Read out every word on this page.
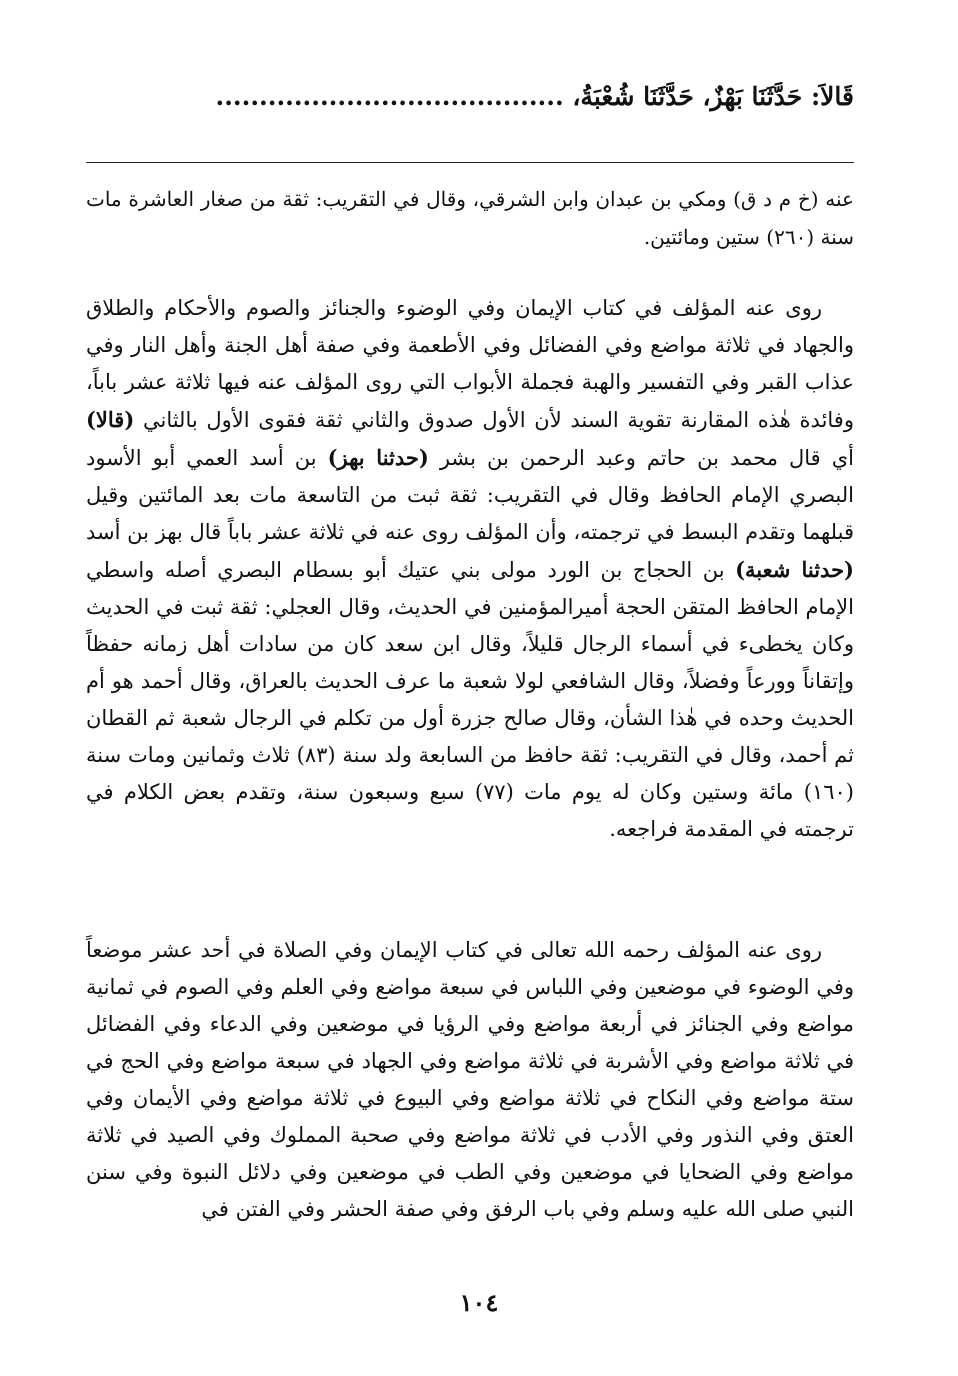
قَالاَ: حَدَّثَنَا بَهْزٌ، حَدَّثَنَا شُعْبَةُ، ........................................

عنه (خ م د ق) ومكي بن عبدان وابن الشرقي، وقال في التقريب: ثقة من صغار العاشرة مات سنة (٢٦٠) ستين ومائتين.

روى عنه المؤلف في كتاب الإيمان وفي الوضوء والجنائز والصوم والأحكام والطلاق والجهاد في ثلاثة مواضع وفي الفضائل وفي الأطعمة وفي صفة أهل الجنة وأهل النار وفي عذاب القبر وفي التفسير والهبة فجملة الأبواب التي روى المؤلف عنه فيها ثلاثة عشر باباً، وفائدة هٰذه المقارنة تقوية السند لأن الأول صدوق والثاني ثقة فقوى الأول بالثاني (قالا) أي قال محمد بن حاتم وعبد الرحمن بن بشر (حدثنا بهز) بن أسد العمي أبو الأسود البصري الإمام الحافظ وقال في التقريب: ثقة ثبت من التاسعة مات بعد المائتين وقيل قبلهما وتقدم البسط في ترجمته، وأن المؤلف روى عنه في ثلاثة عشر باباً قال بهز بن أسد (حدثنا شعبة) بن الحجاج بن الورد مولى بني عتيك أبو بسطام البصري أصله واسطي الإمام الحافظ المتقن الحجة أميرالمؤمنين في الحديث، وقال العجلي: ثقة ثبت في الحديث وكان يخطىء في أسماء الرجال قليلاً، وقال ابن سعد كان من سادات أهل زمانه حفظاً وإتقاناً وورعاً وفضلاً، وقال الشافعي لولا شعبة ما عرف الحديث بالعراق، وقال أحمد هو أم الحديث وحده في هٰذا الشأن، وقال صالح جزرة أول من تكلم في الرجال شعبة ثم القطان ثم أحمد، وقال في التقريب: ثقة حافظ من السابعة ولد سنة (٨٣) ثلاث وثمانين ومات سنة (١٦٠) مائة وستين وكان له يوم مات (٧٧) سبع وسبعون سنة، وتقدم بعض الكلام في ترجمته في المقدمة فراجعه.

روى عنه المؤلف رحمه الله تعالى في كتاب الإيمان وفي الصلاة في أحد عشر موضعاً وفي الوضوء في موضعين وفي اللباس في سبعة مواضع وفي العلم وفي الصوم في ثمانية مواضع وفي الجنائز في أربعة مواضع وفي الرؤيا في موضعين وفي الدعاء وفي الفضائل في ثلاثة مواضع وفي الأشربة في ثلاثة مواضع وفي الجهاد في سبعة مواضع وفي الحج في ستة مواضع وفي النكاح في ثلاثة مواضع وفي البيوع في ثلاثة مواضع وفي الأيمان وفي العتق وفي النذور وفي الأدب في ثلاثة مواضع وفي صحبة المملوك وفي الصيد في ثلاثة مواضع وفي الضحايا في موضعين وفي الطب في موضعين وفي دلائل النبوة وفي سنن النبي صلى الله عليه وسلم وفي باب الرفق وفي صفة الحشر وفي الفتن في

١٠٤
